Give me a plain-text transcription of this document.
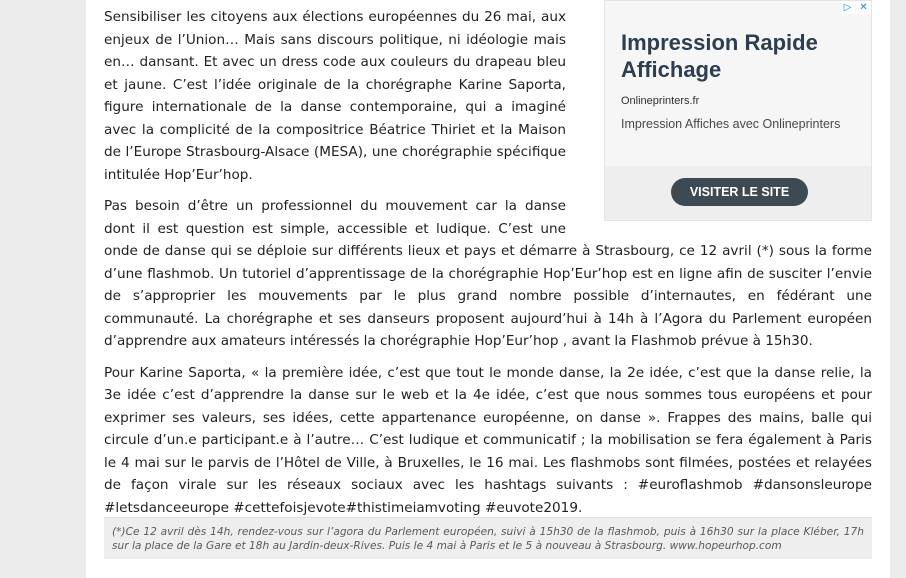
Sensibiliser les citoyens aux élections européennes du 26 mai, aux enjeux de l’Union… Mais sans discours politique, ni idéologie mais en… dansant. Et avec un dress code aux couleurs du drapeau bleu et jaune. C’est l’idée originale de la chorégraphe Karine Saporta, figure internationale de la danse contemporaine, qui a imaginé avec la complicité de la compositrice Béatrice Thiriet et la Maison de l’Europe Strasbourg-Alsace (MESA), une chorégraphie spécifique intitulée Hop’Eur’hop.

Pas besoin d’être un professionnel du mouvement car la danse dont il est question est simple, accessible et ludique. C’est une onde de danse qui se déploie sur différents lieux et pays et démarre à Strasbourg, ce 12 avril (*) sous la forme d’une flashmob. Un tutoriel d’apprentissage de la chorégraphie Hop’Eur’hop est en ligne afin de susciter l’envie de s’approprier les mouvements par le plus grand nombre possible d’internautes, en fédérant une communauté. La chorégraphe et ses danseurs proposent aujourd’hui à 14h à l’Agora du Parlement européen d’apprendre aux amateurs intéressés la chorégraphie Hop’Eur’hop , avant la Flashmob prévue à 15h30.

Pour Karine Saporta, « la première idée, c’est que tout le monde danse, la 2e idée, c’est que la danse relie, la 3e idée c’est d’apprendre la danse sur le web et la 4e idée, c’est que nous sommes tous européens et pour exprimer ses valeurs, ses idées, cette appartenance européenne, on danse ». Frappes des mains, balle qui circule d’un.e participant.e à l’autre… C’est ludique et communicatif ; la mobilisation se fera également à Paris le 4 mai sur le parvis de l’Hôtel de Ville, à Bruxelles, le 16 mai. Les flashmobs sont filmées, postées et relayées de façon virale sur les réseaux sociaux avec les hashtags suivants : #euroflashmob #dansonsleurope #letsdanceeurope #cettefoisjevote#thistimeiamvoting #euvote2019.

▷ ✕
Impression Rapide Affichage
Onlineprinters.fr
Impression Affiches avec Onlineprinters
VISITER LE SITE
(*)Ce 12 avril dès 14h, rendez-vous sur l’agora du Parlement européen, suivi à 15h30 de la flashmob, puis à 16h30 sur la place Kléber, 17h sur la place de la Gare et 18h au Jardin-deux-Rives. Puis le 4 mai à Paris et le 5 à nouveau à Strasbourg. www.hopeurhop.com
